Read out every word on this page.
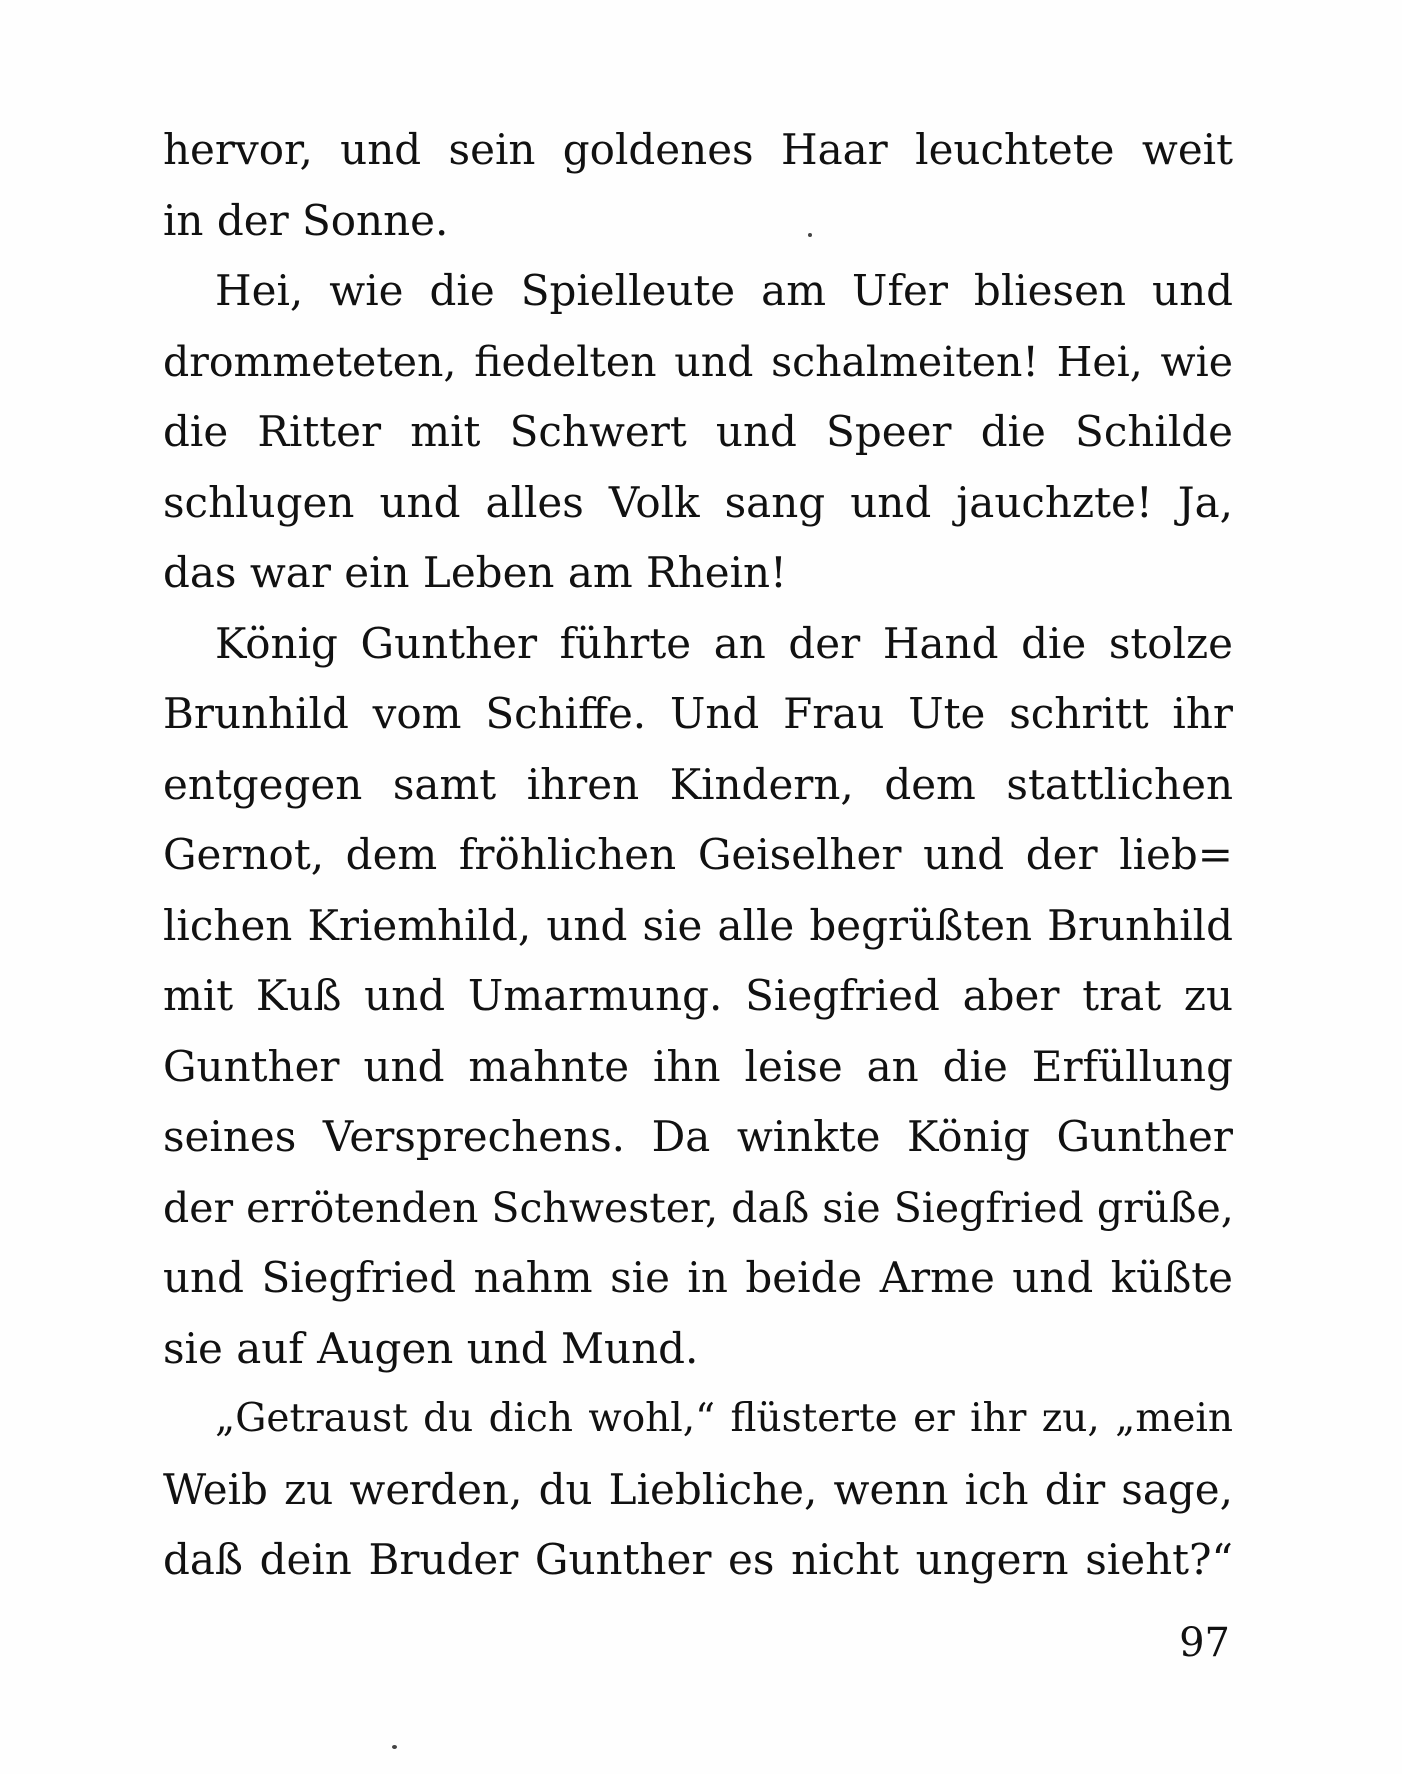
hervor, und sein goldenes Haar leuchtete weit
in der Sonne.
Hei, wie die Spielleute am Ufer bliesen und
drommeteten, fiedelten und schalmeiten! Hei, wie
die Ritter mit Schwert und Speer die Schilde
schlugen und alles Volk sang und jauchzte! Ja,
das war ein Leben am Rhein!
König Gunther führte an der Hand die stolze
Brunhild vom Schiffe. Und Frau Ute schritt ihr
entgegen samt ihren Kindern, dem stattlichen
Gernot, dem fröhlichen Geiselher und der lieb=
lichen Kriemhild, und sie alle begrüßten Brunhild
mit Kuß und Umarmung. Siegfried aber trat zu
Gunther und mahnte ihn leise an die Erfüllung
seines Versprechens. Da winkte König Gunther
der errötenden Schwester, daß sie Siegfried grüße,
und Siegfried nahm sie in beide Arme und küßte
sie auf Augen und Mund.
„Getraust du dich wohl,“ flüsterte er ihr zu, „mein
Weib zu werden, du Liebliche, wenn ich dir sage,
daß dein Bruder Gunther es nicht ungern sieht?“
97
